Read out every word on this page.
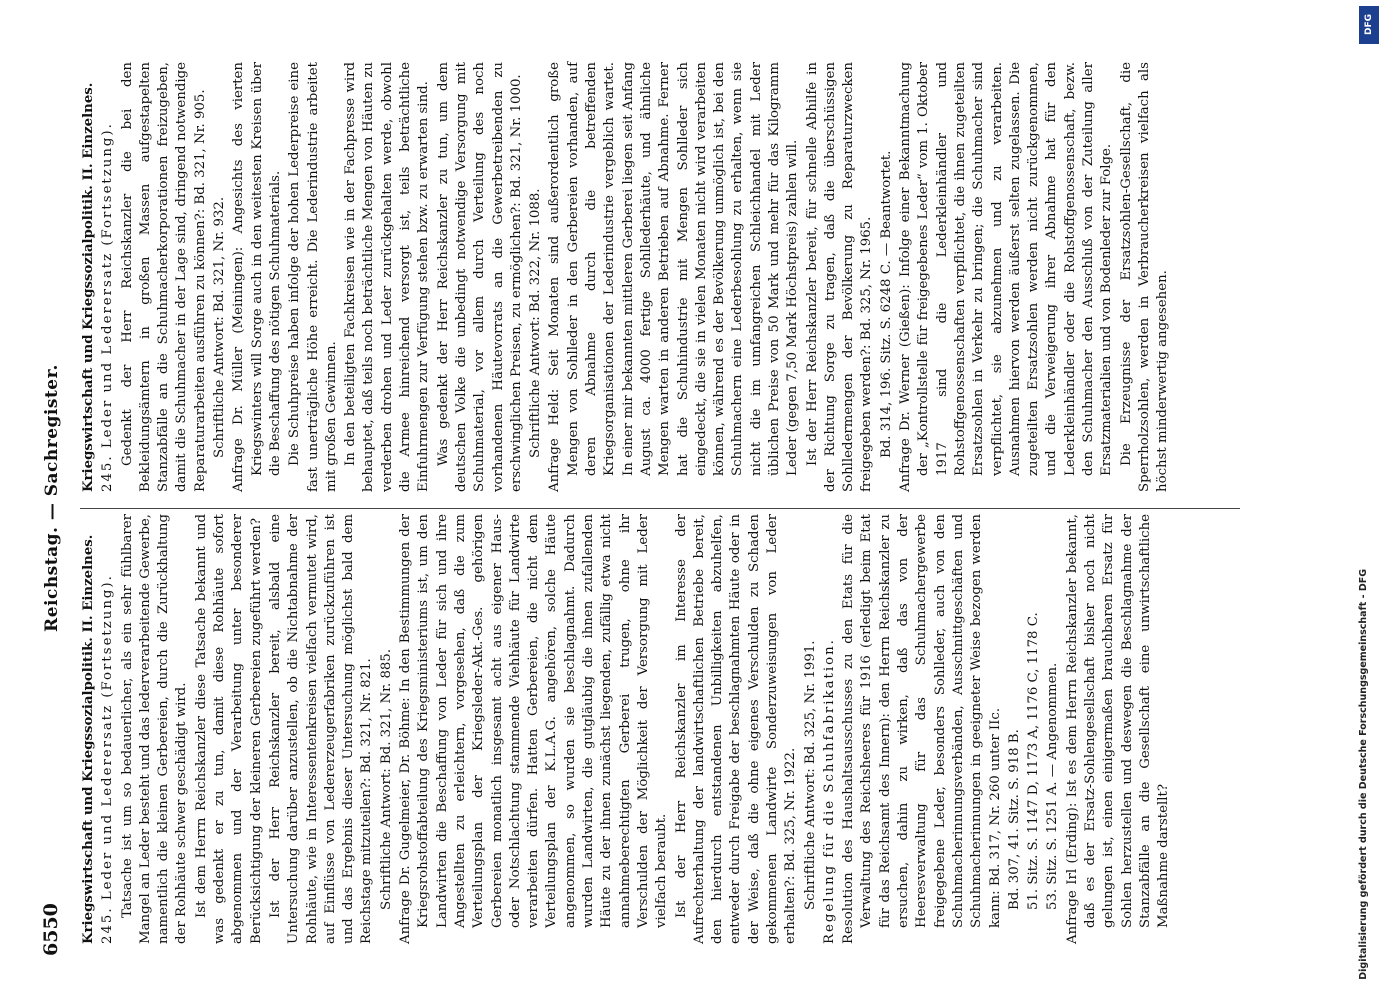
6550
Reichstag. — Sachregister.

Kriegswirtschaft und Kriegssozialpolitik. II. Einzelnes. 245. Leder und Lederersatz (Fortsetzung). Tatsache ist um so bedauerlicher, als ein sehr fühlbarer Mangel an Leder besteht und das lederverarbeitende Gewerbe, namentlich die kleinen Gerbereien, durch die Zurückhaltung der Rohhäute schwer geschädigt wird. Ist dem Herrn Reichskanzler diese Tatsache bekannt und was gedenkt er zu tun, damit diese Rohhäute sofort abgenommen und der Verarbeitung unter besonderer Berücksichtigung der kleineren Gerbereien zugeführt werden? Ist der Herr Reichskanzler bereit, alsbald eine Untersuchung darüber anzustellen, ob die Nichtabnahme der Rohhäute, wie in Interessentenkreisen vielfach vermutet wird, auf Einflüsse von Ledererzeugerfabriken zurückzuführen ist und das Ergebnis dieser Untersuchung möglichst bald dem Reichstage mitzuteilen?: Bd. 321, Nr. 821. Schriftliche Antwort: Bd. 321, Nr. 885. Anfrage Dr. Gugelmeier, Dr. Böhme: In den Bestimmungen der Kriegsrohstoffabteilung des Kriegsministeriums ist, um den Landwirten die Beschaffung von Leder für sich und ihre Angestellten zu erleichtern, vorgesehen, daß die zum Verteilungsplan der Kriegsleder-Akt.-Ges. gehörigen Gerbereien monatlich insgesamt acht aus eigener Haus- oder Notschlachtung stammende Viehhäute für Landwirte verarbeiten dürfen. Hatten Gerbereien, die nicht dem Verteilungsplan der K.L.A.G. angehören, solche Häute angenommen, so wurden sie beschlagnahmt. Dadurch wurden Landwirten, die gutgläubig die ihnen zufallenden Häute zu der ihnen zunächst liegenden, zufällig etwa nicht annahmeberechtigten Gerberei trugen, ohne ihr Verschulden der Möglichkeit der Versorgung mit Leder vielfach beraubt. Ist der Herr Reichskanzler im Interesse der Aufrechterhaltung der landwirtschaftlichen Betriebe bereit, den hierdurch entstandenen Unbilligkeiten abzuhelfen, entweder durch Freigabe der beschlagnahmten Häute oder in der Weise, daß die ohne eigenes Verschulden zu Schaden gekommenen Landwirte Sonderzuweisungen von Leder erhalten?: Bd. 325, Nr. 1922. Schriftliche Antwort: Bd. 325, Nr. 1991. Regelung für die Schuhfabrikation. Resolution des Haushaltsausschusses zu den Etats für die Verwaltung des Reichsheeres für 1916 (erledigt beim Etat für das Reichsamt des Innern): den Herrn Reichskanzler zu ersuchen, dahin zu wirken, daß das von der Heeresverwaltung für das Schuhmachergewerbe freigegebene Leder, besonders Sohlleder, auch von den Schuhmacherinnungsverbänden, Ausschnittgeschäften und Schuhmacherinnungen in geeigneter Weise bezogen werden kann: Bd. 317, Nr. 260 unter IIc. Bd. 307, 41. Sitz. S. 918 B. 51. Sitz. S. 1147 D, 1173 A, 1176 C, 1178 C. 53. Sitz. S. 1251 A. — Angenommen. Anfrage Irl (Erding): Ist es dem Herrn Reichskanzler bekannt, daß es der Ersatz-Sohlengesellschaft bisher noch nicht gelungen ist, einen einigermaßen brauchbaren Ersatz für Sohlen herzustellen und deswegen die Beschlagnahme der Stanzabfälle an die Gesellschaft eine unwirtschaftliche Maßnahme darstellt?

Kriegswirtschaft und Kriegssozialpolitik. II. Einzelnes. 245. Leder und Lederersatz (Fortsetzung). Gedenkt der Herr Reichskanzler die bei den Bekleidungsämtern in großen Massen aufgestapelten Stanzabfälle an die Schuhmacherkorporationen freizugeben, damit die Schuhmacher in der Lage sind, dringend notwendige Reparaturarbeiten ausführen zu können?: Bd. 321, Nr. 905. Schriftliche Antwort: Bd. 321, Nr. 932. Anfrage Dr. Müller (Meiningen): Angesichts des vierten Kriegswinters will Sorge auch in den weitesten Kreisen über die Beschaffung des nötigen Schuhmaterials. Die Schuhpreise haben infolge der hohen Lederpreise eine fast unerträgliche Höhe erreicht. Die Lederindustrie arbeitet mit großen Gewinnen. In den beteiligten Fachkreisen wie in der Fachpresse wird behauptet, daß teils noch beträchtliche Mengen von Häuten zu verderben drohen und Leder zurückgehalten werde, obwohl die Armee hinreichend versorgt ist, teils beträchtliche Einfuhrmengen zur Verfügung stehen bzw. zu erwarten sind. Was gedenkt der Herr Reichskanzler zu tun, um dem deutschen Volke die unbedingt notwendige Versorgung mit Schuhmaterial, vor allem durch Verteilung des noch vorhandenen Häutevorrats an die Gewerbetreibenden zu erschwinglichen Preisen, zu ermöglichen?: Bd. 321, Nr. 1000. Schriftliche Antwort: Bd. 322, Nr. 1088. Anfrage Held: Seit Monaten sind außerordentlich große Mengen von Sohlleder in den Gerbereien vorhanden, auf deren Abnahme durch die betreffenden Kriegsorganisationen der Lederindustrie vergeblich wartet. In einer mir bekannten mittleren Gerberei liegen seit Anfang August ca. 4000 fertige Sohllederhäute, und ähnliche Mengen warten in anderen Betrieben auf Abnahme. Ferner hat die Schuhindustrie mit Mengen Sohlleder sich eingedeckt, die sie in vielen Monaten nicht wird verarbeiten können, während es der Bevölkerung unmöglich ist, bei den Schuhmachern eine Lederbesohlung zu erhalten, wenn sie nicht die im umfangreichen Schleichhandel mit Leder üblichen Preise von 50 Mark und mehr für das Kilogramm Leder (gegen 7,50 Mark Höchstpreis) zahlen will. Ist der Herr Reichskanzler bereit, für schnelle Abhilfe in der Richtung Sorge zu tragen, daß die überschüssigen Sohlledermengen der Bevölkerung zu Reparaturzwecken freigegeben werden?: Bd. 325, Nr. 1965. Bd. 314, 196. Sitz. S. 6248 C. — Beantwortet. Anfrage Dr. Werner (Gießen): Infolge einer Bekanntmachung der „Kontrollstelle für freigegebenes Leder“ vom 1. Oktober 1917 sind die Lederkleinhändler und Rohstoffgenossenschaften verpflichtet, die ihnen zugeteilten Ersatzsohlen in Verkehr zu bringen; die Schuhmacher sind verpflichtet, sie abzunehmen und zu verarbeiten. Ausnahmen hiervon werden äußerst selten zugelassen. Die zugeteilten Ersatzsohlen werden nicht zurückgenommen, und die Verweigerung ihrer Abnahme hat für den Lederkleinhändler oder die Rohstoffgenossenschaft, bezw. den Schuhmacher den Ausschluß von der Zuteilung aller Ersatzmaterialien und von Bodenleder zur Folge. Die Erzeugnisse der Ersatzsohlen-Gesellschaft, die Sperrholzsohlen, werden in Verbraucherkreisen vielfach als höchst minderwertig angesehen.

DFG
Digitalisierung gefördert durch die Deutsche Forschungsgemeinschaft - DFG
